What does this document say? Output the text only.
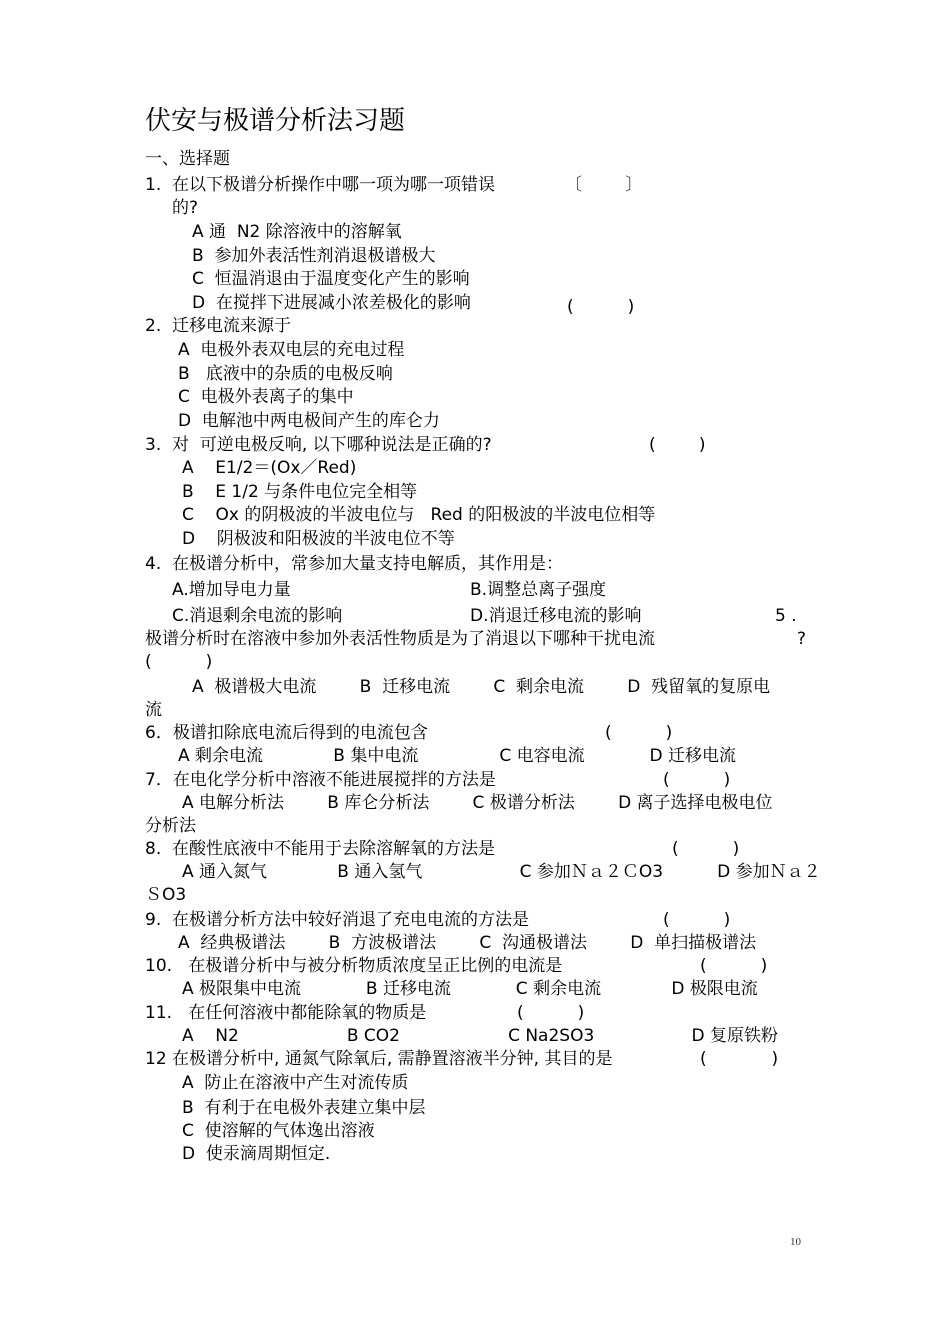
伏安与极谱分析法习题
一、选择题
1.  在以下极谱分析操作中哪一项为哪一项错误	〔        〕
的?
A 通  N2 除溶液中的溶解氧
B  参加外表活性剂消退极谱极大
C  恒温消退由于温度变化产生的影响
D  在搅拌下进展减小浓差极化的影响	(          )
2.  迁移电流来源于
A  电极外表双电层的充电过程
B   底液中的杂质的电极反响
C  电极外表离子的集中
D  电解池中两电极间产生的库仑力
3.  对  可逆电极反响, 以下哪种说法是正确的?	(        )
A    E1/2＝(Ox／Red)
B    E 1/2 与条件电位完全相等
C    Ox 的阴极波的半波电位与   Red 的阳极波的半波电位相等
D    阴极波和阳极波的半波电位不等
4.  在极谱分析中，常参加大量支持电解质，其作用是：
A.增加导电力量	B.调整总离子强度
C.消退剩余电流的影响	D.消退迁移电流的影响	5 .
极谱分析时在溶液中参加外表活性物质是为了消退以下哪种干扰电流	?
(          )
A  极谱极大电流        B  迁移电流        C  剩余电流        D  残留氧的复原电
流
6．极谱扣除底电流后得到的电流包含	(          )
A 剩余电流             B 集中电流               C 电容电流            D 迁移电流
7．在电化学分析中溶液不能进展搅拌的方法是	(          )
A 电解分析法        B 库仑分析法        C 极谱分析法        D 离子选择电极电位
分析法
8.  在酸性底液中不能用于去除溶解氧的方法是	(          )
A 通入氮气             B 通入氢气                  C 参加Ｎａ２ＣO3          D 参加Ｎａ２
ＳO3
9.  在极谱分析方法中较好消退了充电电流的方法是	(          )
A  经典极谱法        B  方波极谱法        C  沟通极谱法        D  单扫描极谱法
10.   在极谱分析中与被分析物质浓度呈正比例的电流是	(          )
A 极限集中电流            B 迁移电流            C 剩余电流             D 极限电流
11.   在任何溶液中都能除氧的物质是	(          )
A    N2                    B CO2                    C Na2SO3                  D 复原铁粉
12 在极谱分析中, 通氮气除氧后, 需静置溶液半分钟, 其目的是	(            )
A  防止在溶液中产生对流传质
B  有利于在电极外表建立集中层
C  使溶解的气体逸出溶液
D  使汞滴周期恒定.
10
